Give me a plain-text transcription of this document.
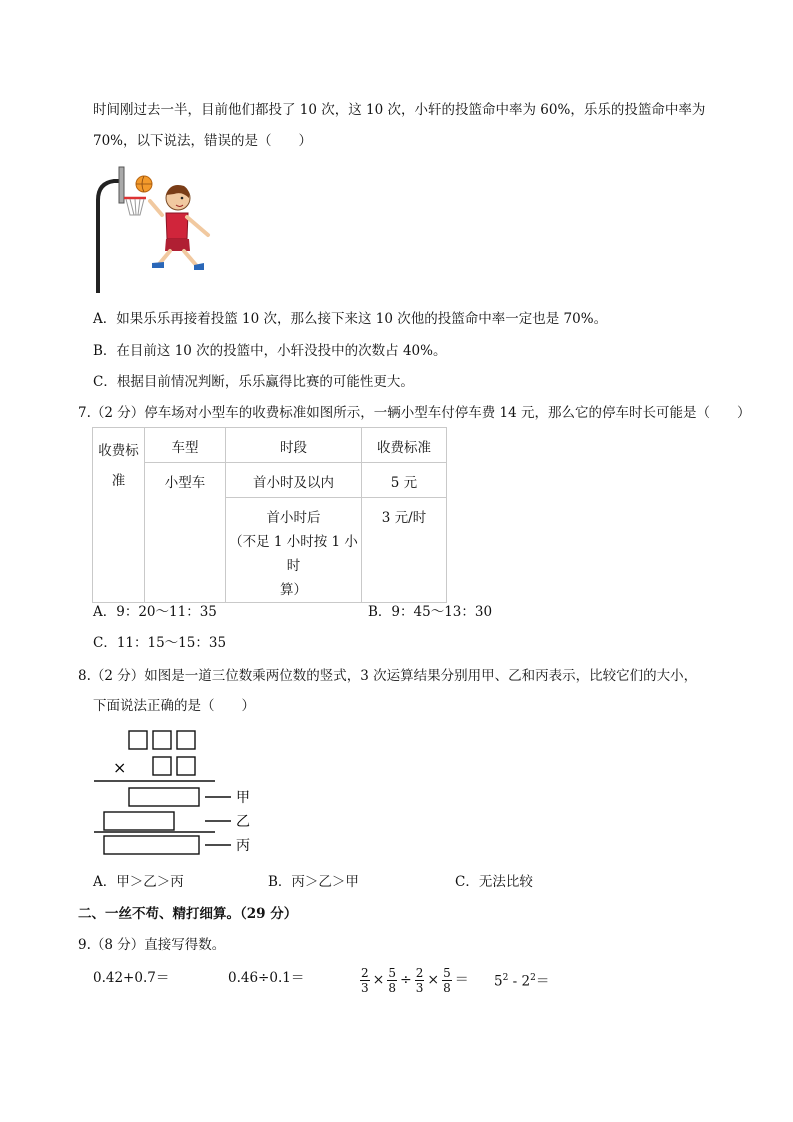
时间刚过去一半，目前他们都投了 10 次，这 10 次，小轩的投篮命中率为 60%，乐乐的投篮命中率为
70%，以下说法，错误的是（　　）
A．如果乐乐再接着投篮 10 次，那么接下来这 10 次他的投篮命中率一定也是 70%。
B．在目前这 10 次的投篮中，小轩没投中的次数占 40%。
C．根据目前情况判断，乐乐赢得比赛的可能性更大。
7.（2 分）停车场对小型车的收费标准如图所示，一辆小型车付停车费 14 元，那么它的停车时长可能是（　　）
收费标
准	车型	时段	收费标准
	小型车	首小时及以内	5 元

		首小时后
（不足 1 小时按 1 小时
算）	3 元/时
A．9：20～11：35	B．9：45～13：30
C．11：15～15：35
8.（2 分）如图是一道三位数乘两位数的竖式，3 次运算结果分别用甲、乙和丙表示，比较它们的大小，
下面说法正确的是（　　）
×
甲
乙
丙
A．甲＞乙＞丙	B．丙＞乙＞甲	C．无法比较
二、一丝不苟、精打细算。（29 分）
9.（8 分）直接写得数。
0.42+0.7＝	0.46÷0.1＝	$\frac{2}{3} \times \frac{5}{8} \div \frac{2}{3} \times \frac{5}{8} = 5^2 - 2^2=$
